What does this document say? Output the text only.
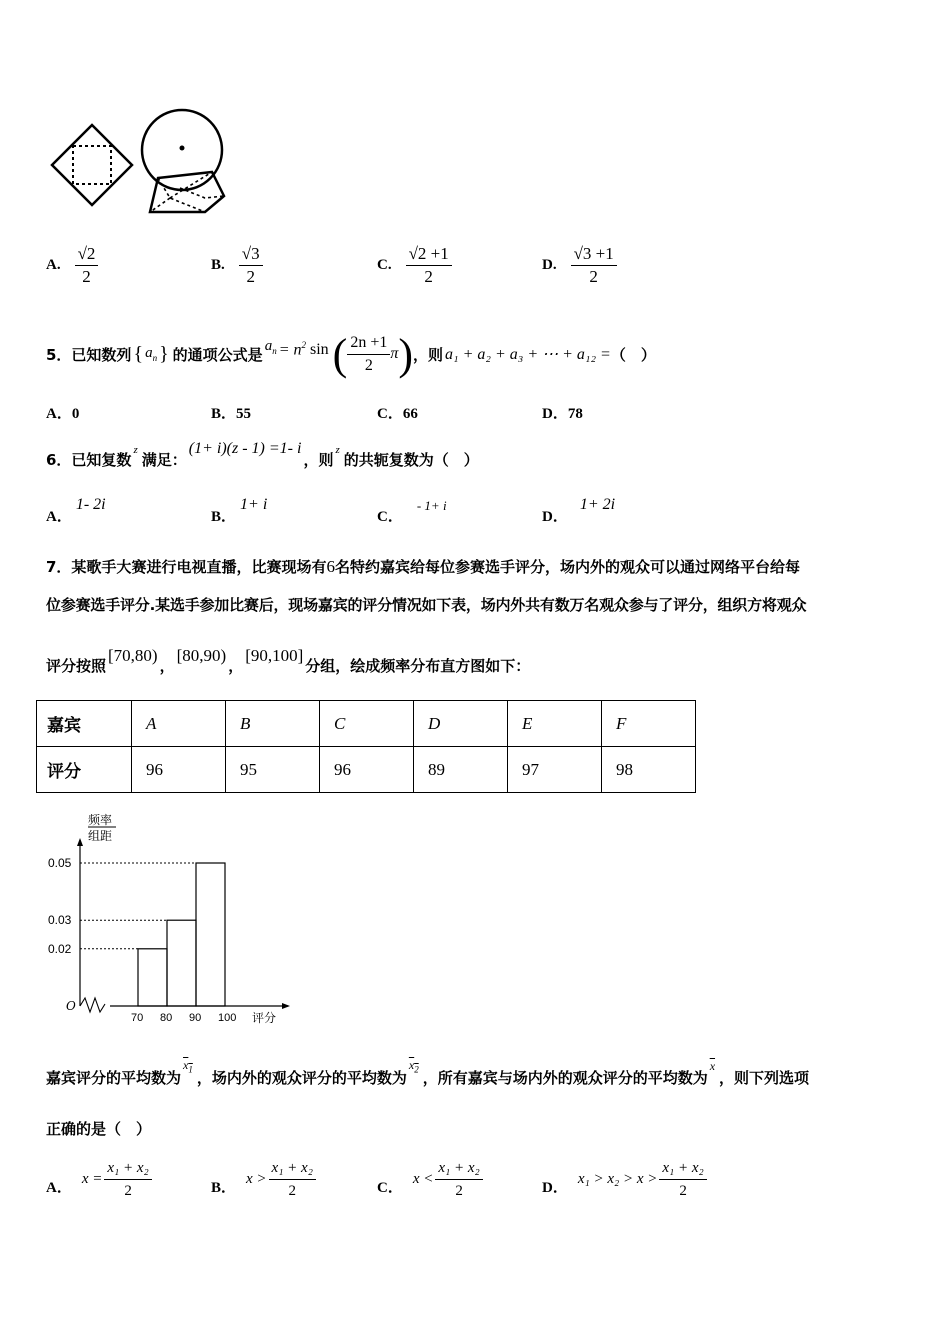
A. $\frac{√2}{2}$	B. $\frac{√3}{2}$	C. $\frac{√2 +1}{2}$	D. $\frac{√3 +1}{2}$
5．已知数列 { $a_n$ } 的通项公式是 $a_n = n^2$ sin ( $\frac{2n +1}{2}$ π ) ，则 a₁ + a₂ + a₃ + ⋯ + a₁₂ = （　）
A．0	B．55	C．66	D．78
6．已知复数
z
满足：
(1+ i)(z - 1) =1- i
，则
z
的共轭复数为（　）
A．
1- 2i
B．
1+ i
C．
- 1+ i
D．
1+ 2i
7．某歌手大赛进行电视直播，比赛现场有6名特约嘉宾给每位参赛选手评分，场内外的观众可以通过网络平台给每
位参赛选手评分.某选手参加比赛后，现场嘉宾的评分情况如下表，场内外共有数万名观众参与了评分，组织方将观众
评分按照
[70,80)
，
[80,90)
，
[90,100]
分组，绘成频率分布直方图如下：
嘉宾	A	B	C	D	E	F
评分	96	95	96	89	97	98
O
频率
组距
0.02
0.03
0.05
70 80 90 100 评分
嘉宾评分的平均数为
$x_1$ ，场内外的观众评分的平均数为
$x_2$ ，所有嘉宾与场内外的观众评分的平均数为
$\overline{x}$
，则下列选项
正确的是（　）
A．
$x = \frac{\text{x₁ + x₂}}{2}$	B．
$x > \frac{\text{x₁ + x₂}}{2}$	C．
$x < \frac{\text{x₁ + x₂}}{2}$	D．
$x_1 > x_2 > x > \frac{\text{x₁ + x₂}}{2}$
